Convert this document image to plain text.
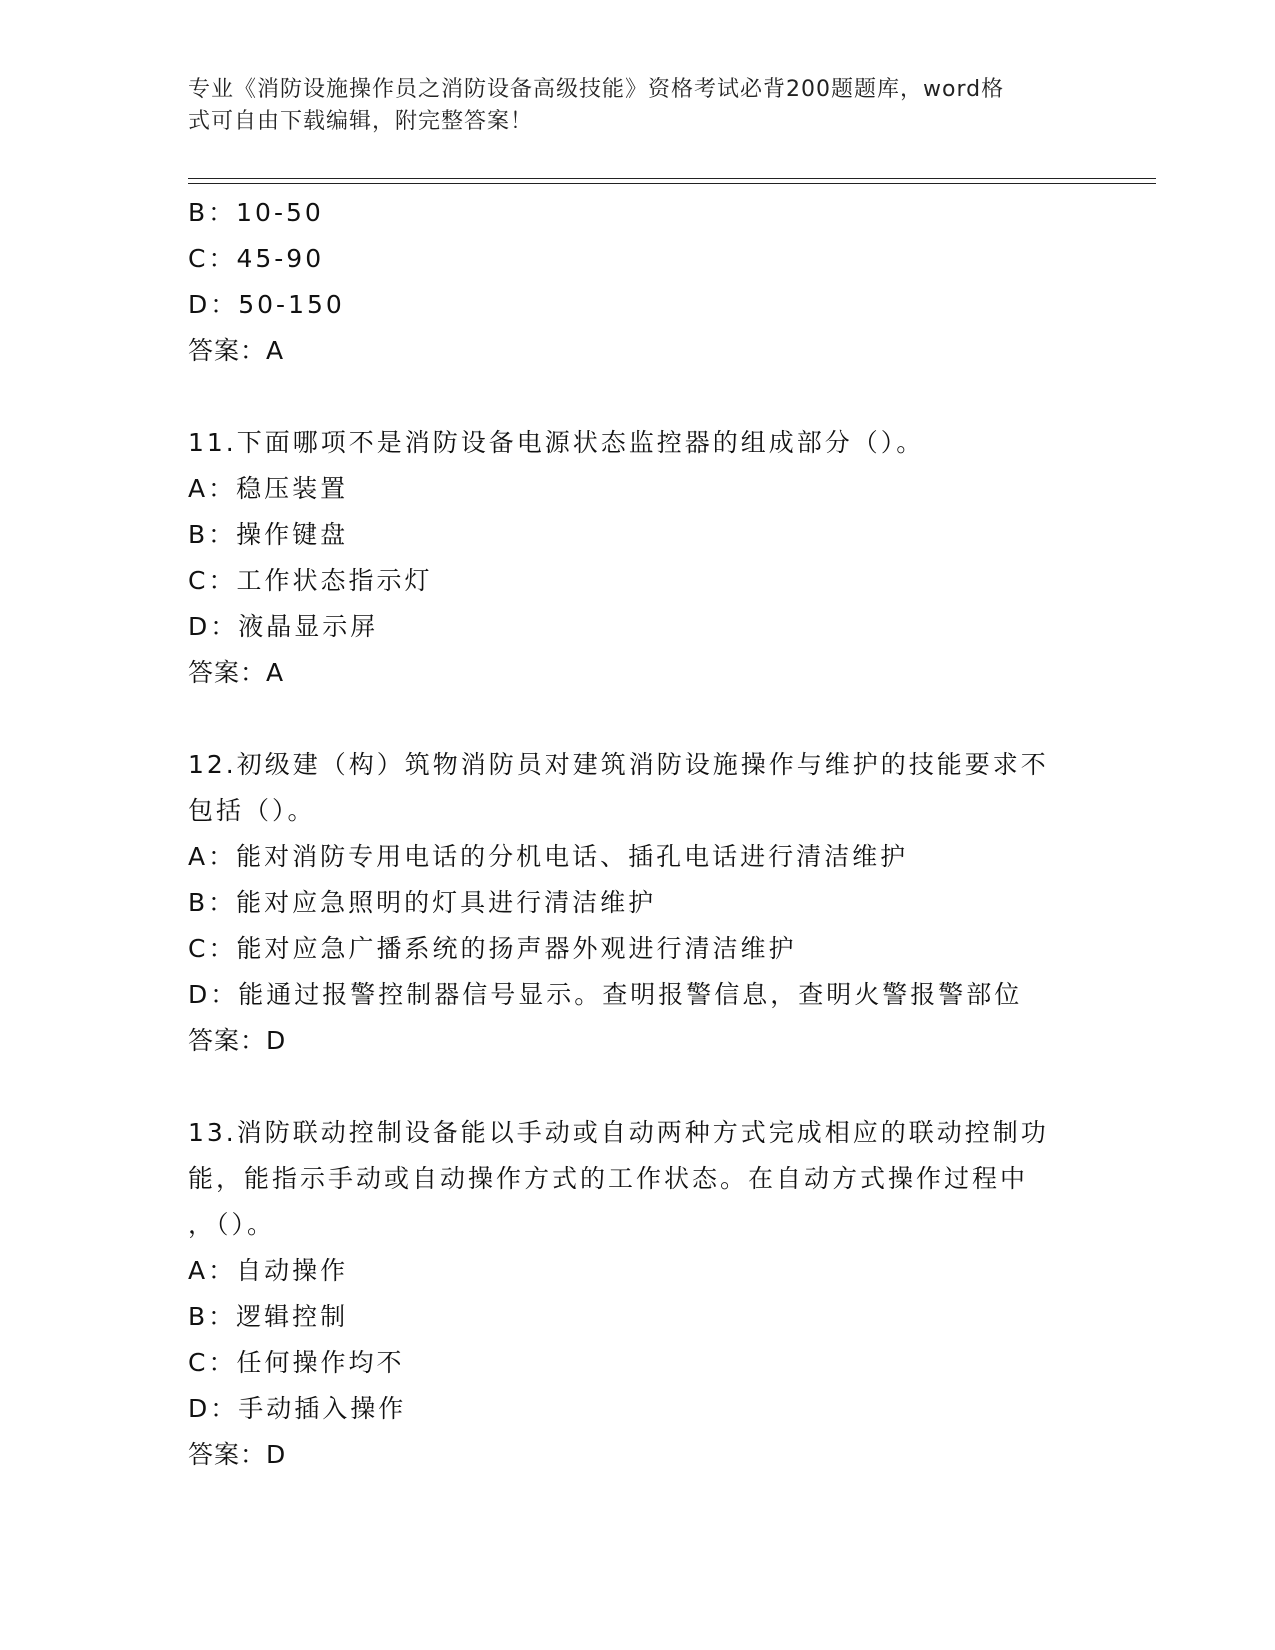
专业《消防设施操作员之消防设备高级技能》资格考试必背200题题库，word格
式可自由下载编辑，附完整答案！
B：10-50
C：45-90
D：50-150
答案：A
11.下面哪项不是消防设备电源状态监控器的组成部分（）。
A：稳压装置
B：操作键盘
C：工作状态指示灯
D：液晶显示屏
答案：A
12.初级建（构）筑物消防员对建筑消防设施操作与维护的技能要求不
包括（）。
A：能对消防专用电话的分机电话、插孔电话进行清洁维护
B：能对应急照明的灯具进行清洁维护
C：能对应急广播系统的扬声器外观进行清洁维护
D：能通过报警控制器信号显示。查明报警信息，查明火警报警部位
答案：D
13.消防联动控制设备能以手动或自动两种方式完成相应的联动控制功
能，能指示手动或自动操作方式的工作状态。在自动方式操作过程中
，（）。
A：自动操作
B：逻辑控制
C：任何操作均不
D：手动插入操作
答案：D
